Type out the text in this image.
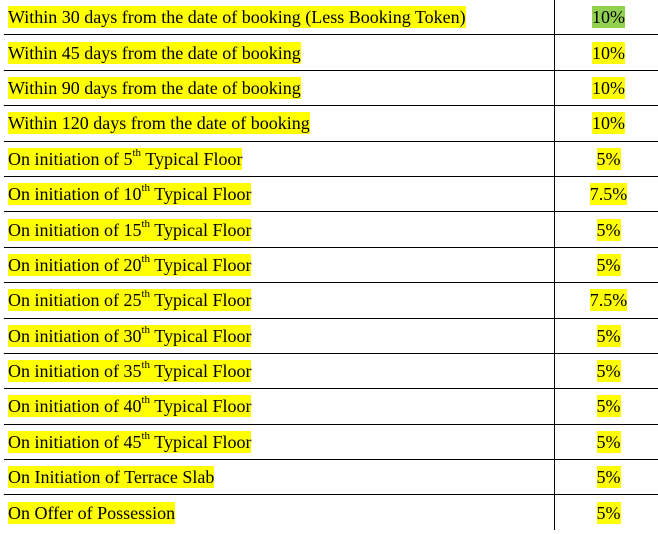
Within 30 days from the date of booking (Less Booking Token)	10%
Within 45 days from the date of booking	10%
Within 90 days from the date of booking	10%
Within 120 days from the date of booking	10%
On initiation of 5th Typical Floor	5%
On initiation of 10th Typical Floor	7.5%
On initiation of 15th Typical Floor	5%
On initiation of 20th Typical Floor	5%
On initiation of 25th Typical Floor	7.5%
On initiation of 30th Typical Floor	5%
On initiation of 35th Typical Floor	5%
On initiation of 40th Typical Floor	5%
On initiation of 45th Typical Floor	5%
On Initiation of Terrace Slab	5%
On Offer of Possession	5%
